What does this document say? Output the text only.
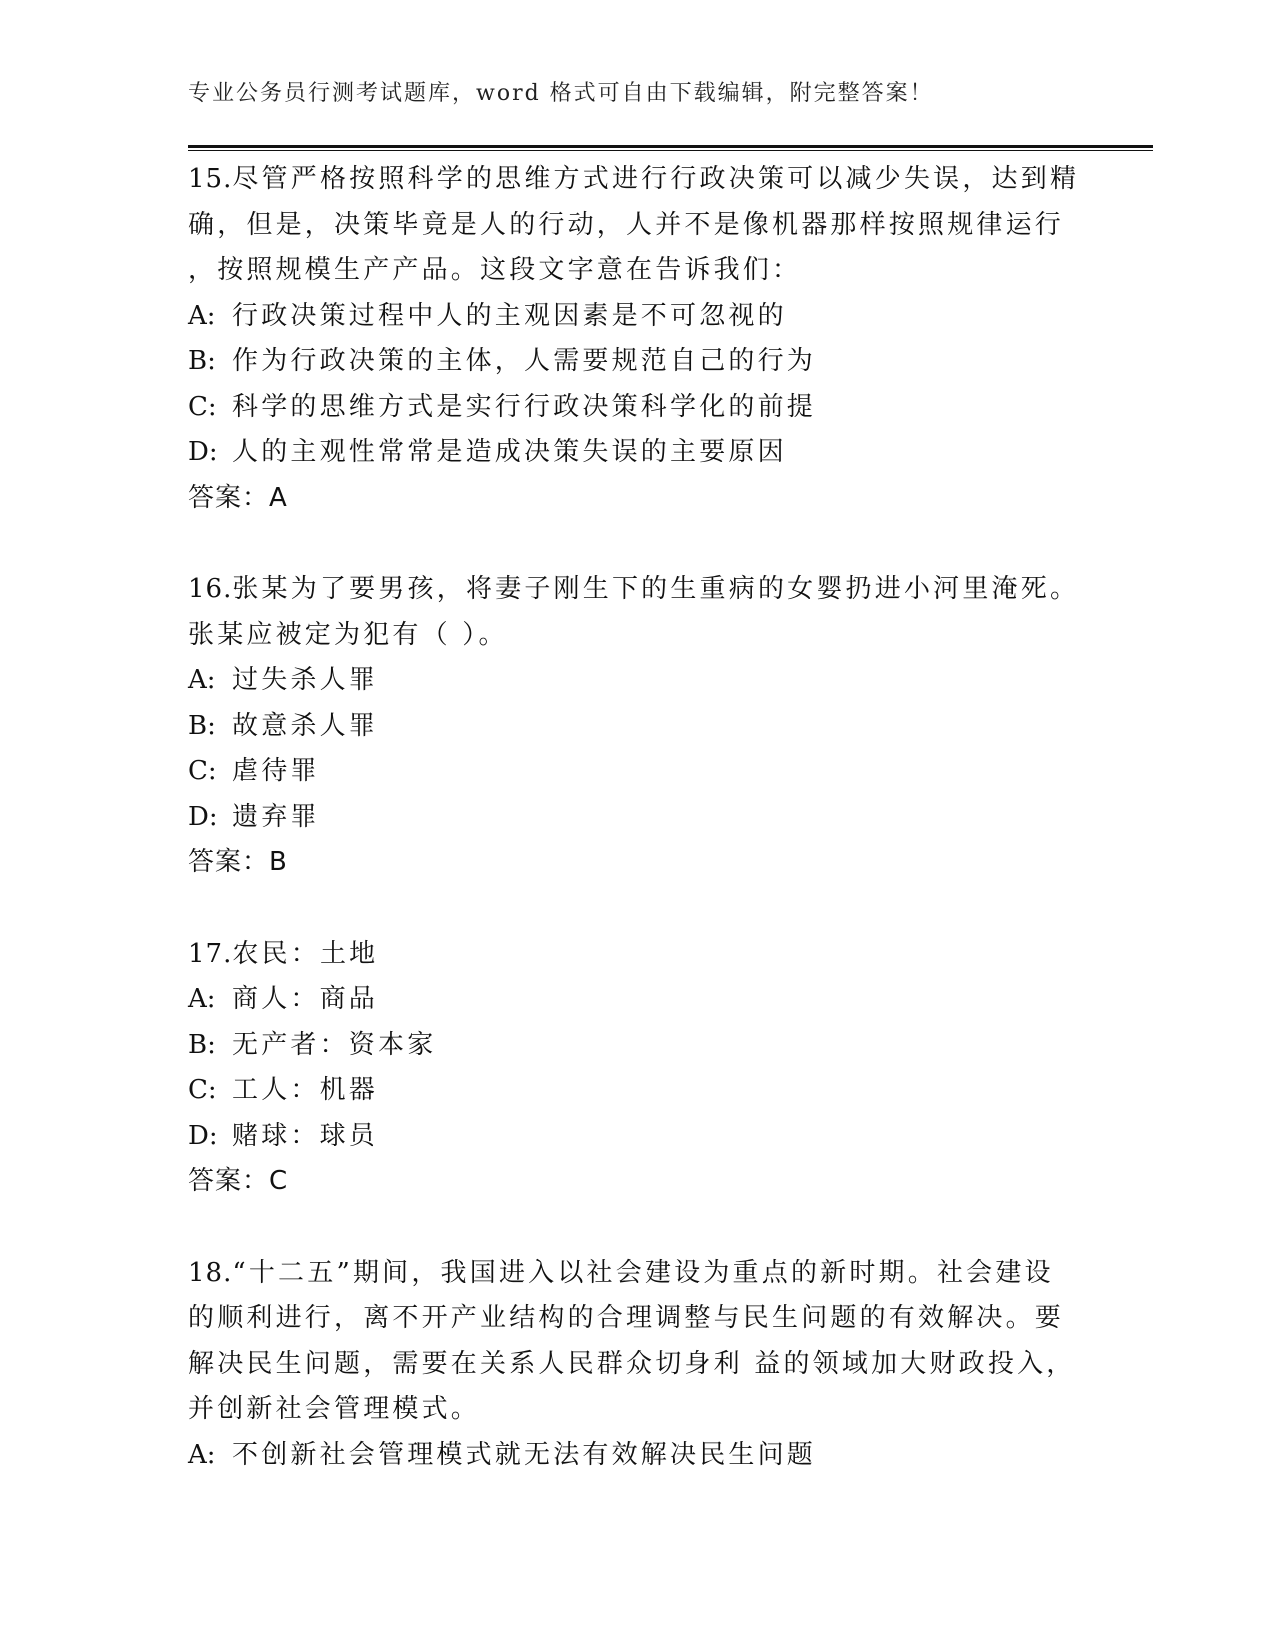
专业公务员行测考试题库，word 格式可自由下载编辑，附完整答案！

15.尽管严格按照科学的思维方式进行行政决策可以减少失误，达到精
确，但是，决策毕竟是人的行动，人并不是像机器那样按照规律运行
，按照规模生产产品。这段文字意在告诉我们：

A: 行政决策过程中人的主观因素是不可忽视的
B: 作为行政决策的主体，人需要规范自己的行为
C: 科学的思维方式是实行行政决策科学化的前提
D: 人的主观性常常是造成决策失误的主要原因

答案：A

16.张某为了要男孩，将妻子刚生下的生重病的女婴扔进小河里淹死。
张某应被定为犯有（ ）。

A: 过失杀人罪
B: 故意杀人罪
C: 虐待罪
D: 遗弃罪

答案：B

17.农民：土地

A: 商人：商品
B: 无产者：资本家
C: 工人：机器
D: 赌球：球员

答案：C

18.“十二五”期间，我国进入以社会建设为重点的新时期。社会建设
的顺利进行，离不开产业结构的合理调整与民生问题的有效解决。要
解决民生问题，需要在关系人民群众切身利 益的领域加大财政投入，
并创新社会管理模式。

A: 不创新社会管理模式就无法有效解决民生问题
